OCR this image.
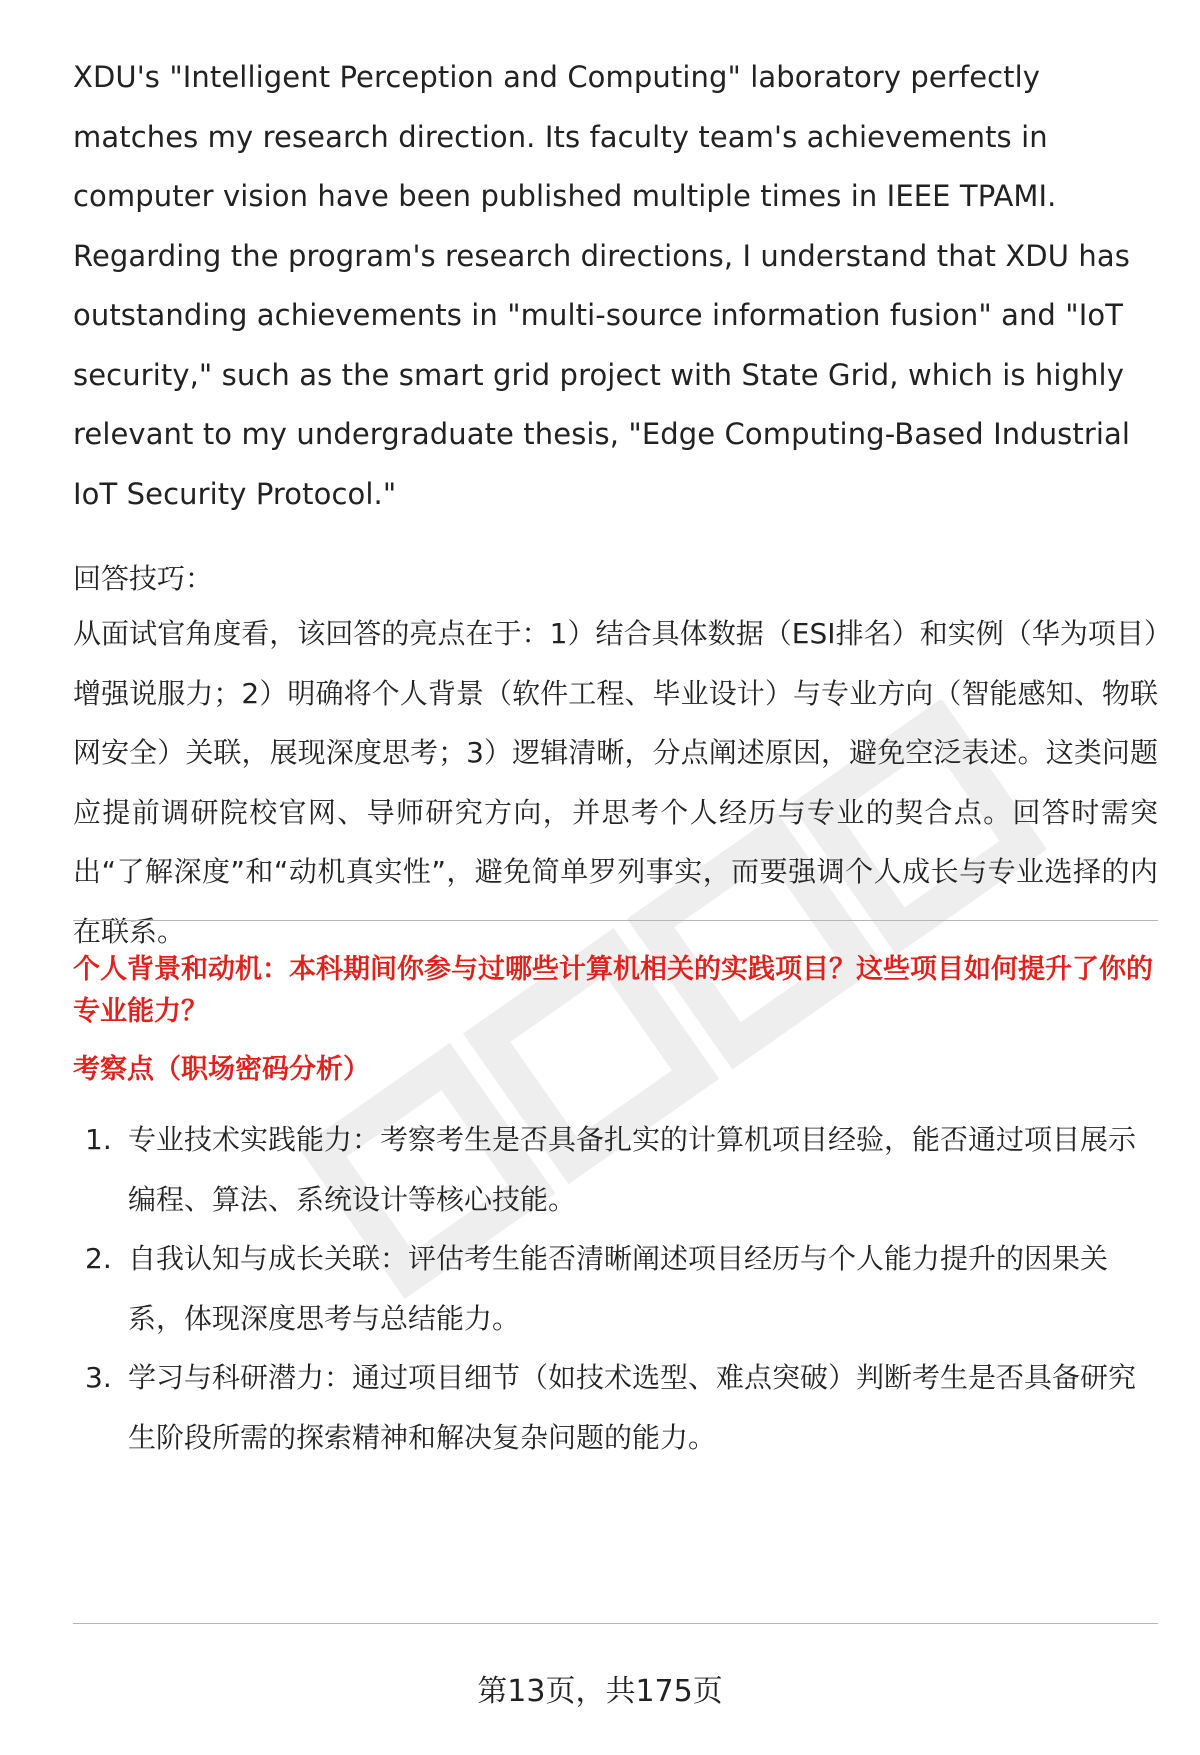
XDU's "Intelligent Perception and Computing" laboratory perfectly matches my research direction. Its faculty team's achievements in computer vision have been published multiple times in IEEE TPAMI. Regarding the program's research directions, I understand that XDU has outstanding achievements in "multi-source information fusion" and "IoT security," such as the smart grid project with State Grid, which is highly relevant to my undergraduate thesis, "Edge Computing-Based Industrial IoT Security Protocol."

回答技巧：

从面试官角度看，该回答的亮点在于：1）结合具体数据（ESI排名）和实例（华为项目）增强说服力；2）明确将个人背景（软件工程、毕业设计）与专业方向（智能感知、物联网安全）关联，展现深度思考；3）逻辑清晰，分点阐述原因，避免空泛表述。这类问题应提前调研院校官网、导师研究方向，并思考个人经历与专业的契合点。回答时需突出“了解深度”和“动机真实性”，避免简单罗列事实，而要强调个人成长与专业选择的内在联系。

个人背景和动机：本科期间你参与过哪些计算机相关的实践项目？这些项目如何提升了你的专业能力？

考察点（职场密码分析）

1. 专业技术实践能力：考察考生是否具备扎实的计算机项目经验，能否通过项目展示编程、算法、系统设计等核心技能。
2. 自我认知与成长关联：评估考生能否清晰阐述项目经历与个人能力提升的因果关系，体现深度思考与总结能力。
3. 学习与科研潜力：通过项目细节（如技术选型、难点突破）判断考生是否具备研究生阶段所需的探索精神和解决复杂问题的能力。
第13页，共175页
